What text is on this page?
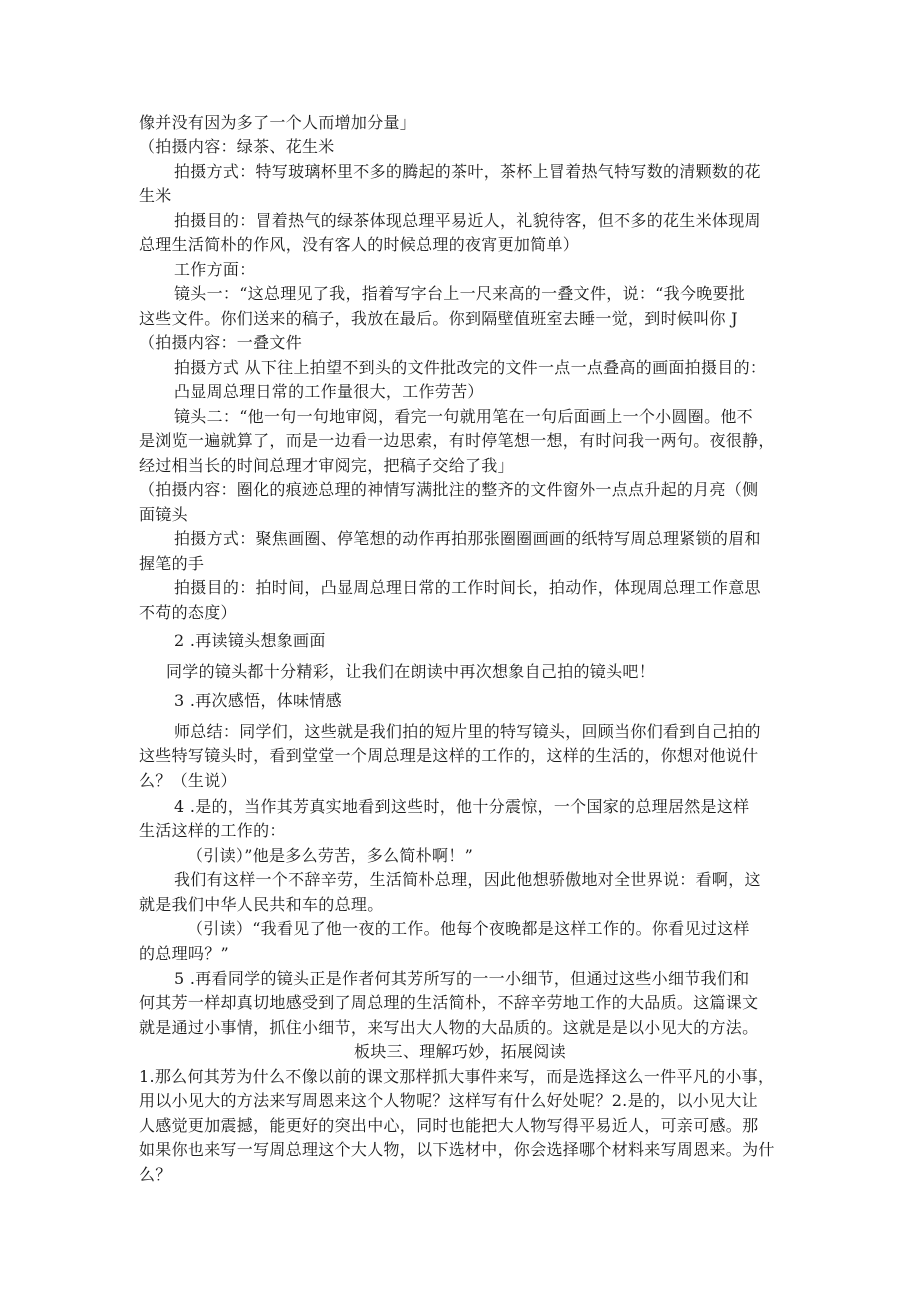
像并没有因为多了一个人而增加分量」

（拍摄内容：绿茶、花生米

拍摄方式：特写玻璃杯里不多的腾起的茶叶，茶杯上冒着热气特写数的清颗数的花

生米

拍摄目的：冒着热气的绿茶体现总理平易近人，礼貌待客，但不多的花生米体现周

总理生活简朴的作风，没有客人的时候总理的夜宵更加简单）

工作方面：

镜头一：“这总理见了我，指着写字台上一尺来高的一叠文件，说：“我今晚要批

这些文件。你们送来的稿子，我放在最后。你到隔壁值班室去睡一觉，到时候叫你 J

（拍摄内容：一叠文件

拍摄方式 从下往上拍望不到头的文件批改完的文件一点一点叠高的画面拍摄目的：

凸显周总理日常的工作量很大，工作劳苦）

镜头二：“他一句一句地审阅，看完一句就用笔在一句后面画上一个小圆圈。他不

是浏览一遍就算了，而是一边看一边思索，有时停笔想一想，有时问我一两句。夜很静，

经过相当长的时间总理才审阅完，把稿子交给了我」

（拍摄内容：圈化的痕迹总理的神情写满批注的整齐的文件窗外一点点升起的月亮（侧

面镜头

拍摄方式：聚焦画圈、停笔想的动作再拍那张圈圈画画的纸特写周总理紧锁的眉和

握笔的手

拍摄目的：拍时间，凸显周总理日常的工作时间长，拍动作，体现周总理工作意思

不苟的态度）

2 .再读镜头想象画面

同学的镜头都十分精彩，让我们在朗读中再次想象自己拍的镜头吧！

3 .再次感悟，体味情感

师总结：同学们，这些就是我们拍的短片里的特写镜头，回顾当你们看到自己拍的

这些特写镜头时，看到堂堂一个周总理是这样的工作的，这样的生活的，你想对他说什

么？（生说）

4 .是的，当作其芳真实地看到这些时，他十分震惊，一个国家的总理居然是这样

生活这样的工作的：

（引读）”他是多么劳苦，多么简朴啊！”

我们有这样一个不辞辛劳，生活简朴总理，因此他想骄傲地对全世界说：看啊，这

就是我们中华人民共和车的总理。

（引读）“我看见了他一夜的工作。他每个夜晚都是这样工作的。你看见过这样

的总理吗？”

5 .再看同学的镜头正是作者何其芳所写的一一小细节，但通过这些小细节我们和

何其芳一样却真切地感受到了周总理的生活简朴，不辞辛劳地工作的大品质。这篇课文

就是通过小事情，抓住小细节，来写出大人物的大品质的。这就是是以小见大的方法。

板块三、理解巧妙，拓展阅读

1.那么何其芳为什么不像以前的课文那样抓大事件来写，而是选择这么一件平凡的小事，

用以小见大的方法来写周恩来这个人物呢？这样写有什么好处呢？2.是的，以小见大让

人感觉更加震撼，能更好的突出中心，同时也能把大人物写得平易近人，可亲可感。那

如果你也来写一写周总理这个大人物，以下选材中，你会选择哪个材料来写周恩来。为什

么？
